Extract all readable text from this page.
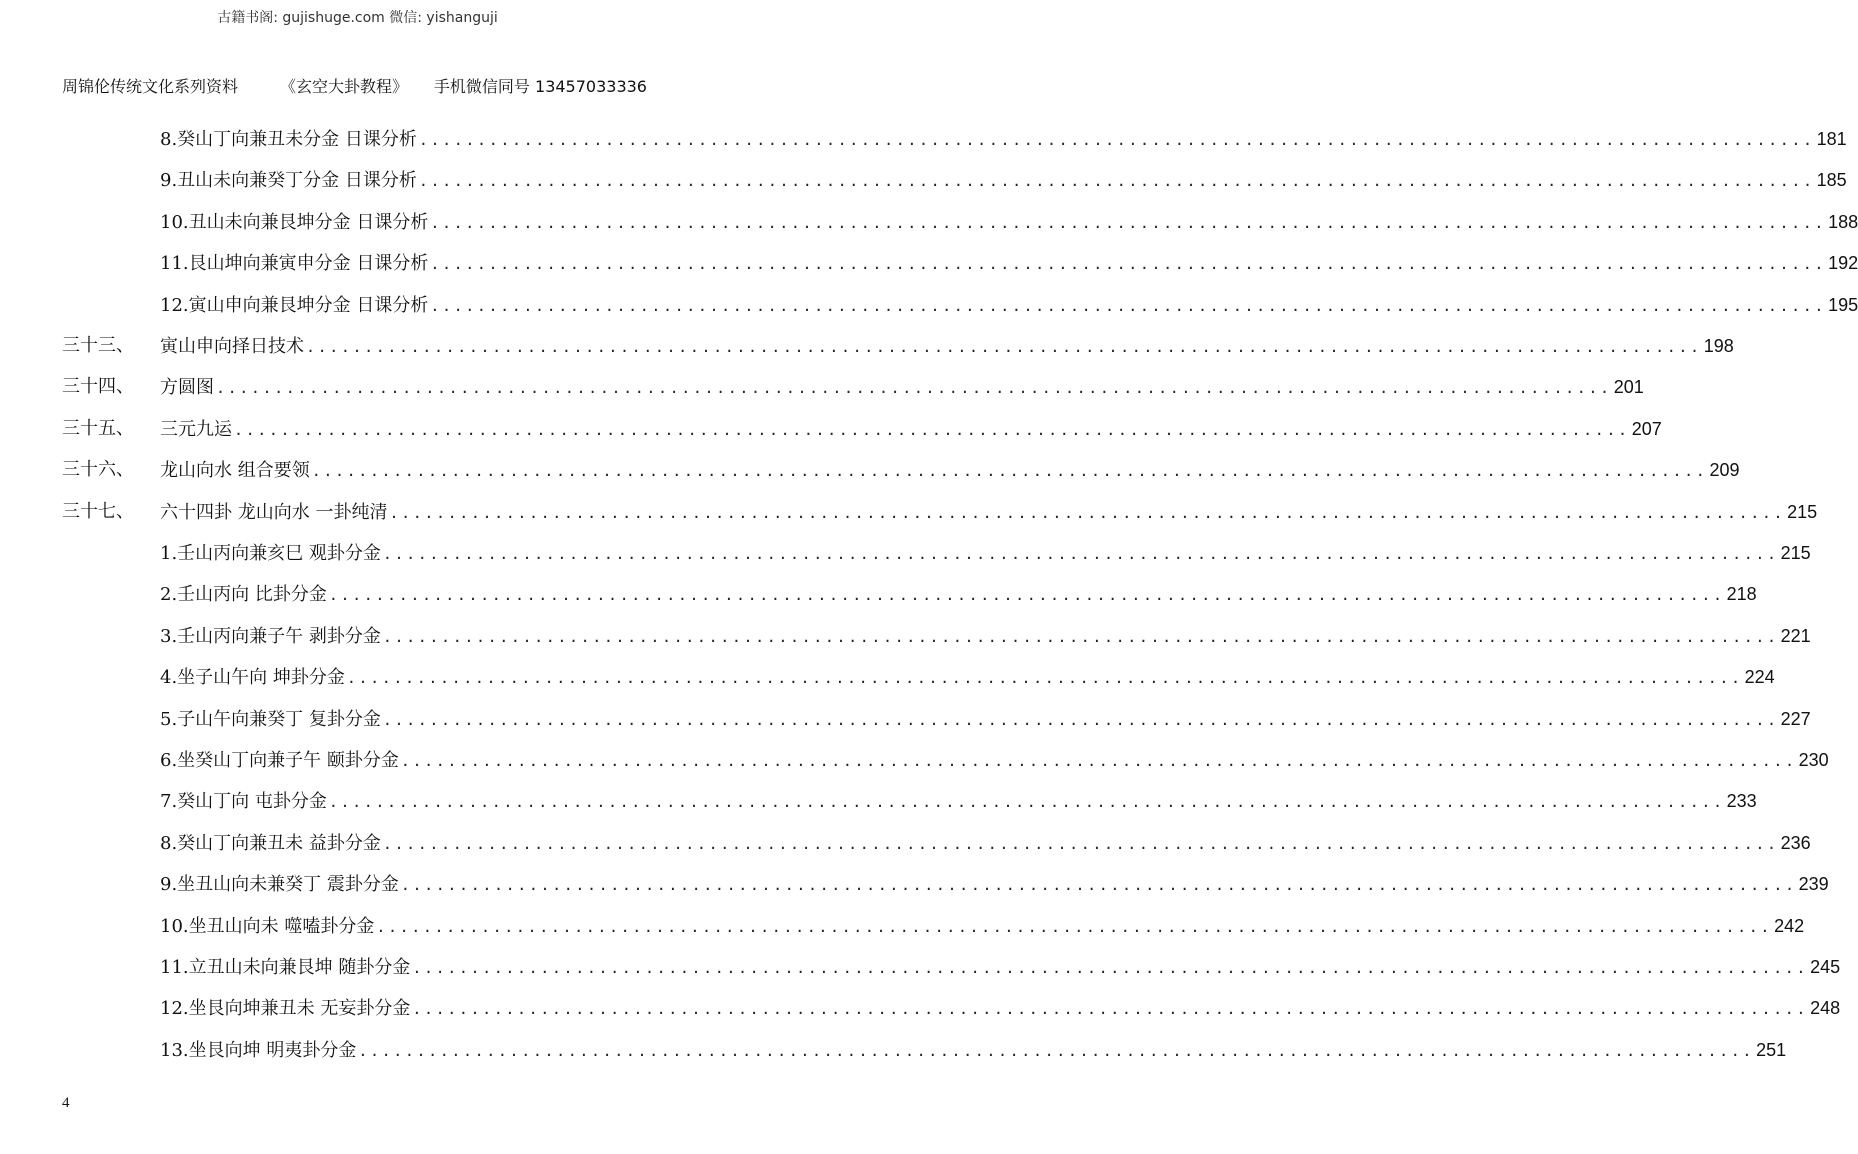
古籍书阁: gujishuge.com 微信: yishanguji
周锦伦传统文化系列资料	《玄空大卦教程》 手机微信同号 13457033336
8.癸山丁向兼丑未分金 日课分析 ........................................................................................................................ 181
9.丑山未向兼癸丁分金 日课分析 ........................................................................................................................ 185
10.丑山未向兼艮坤分金 日课分析 ........................................................................................................................ 188
11.艮山坤向兼寅申分金 日课分析 ........................................................................................................................ 192
12.寅山申向兼艮坤分金 日课分析 ........................................................................................................................ 195
三十三、 寅山申向择日技术 ........................................................................................................................ 198
三十四、 方圆图 ........................................................................................................................ 201
三十五、 三元九运 ........................................................................................................................ 207
三十六、 龙山向水 组合要领 ........................................................................................................................ 209
三十七、 六十四卦 龙山向水 一卦纯清 ........................................................................................................................ 215
1.壬山丙向兼亥巳 观卦分金 ........................................................................................................................ 215
2.壬山丙向 比卦分金 ........................................................................................................................ 218
3.壬山丙向兼子午 剥卦分金 ........................................................................................................................ 221
4.坐子山午向 坤卦分金 ........................................................................................................................ 224
5.子山午向兼癸丁 复卦分金 ........................................................................................................................ 227
6.坐癸山丁向兼子午 颐卦分金 ........................................................................................................................ 230
7.癸山丁向 屯卦分金 ........................................................................................................................ 233
8.癸山丁向兼丑未 益卦分金 ........................................................................................................................ 236
9.坐丑山向未兼癸丁 震卦分金 ........................................................................................................................ 239
10.坐丑山向未 噬嗑卦分金 ........................................................................................................................ 242
11.立丑山未向兼艮坤 随卦分金 ........................................................................................................................ 245
12.坐艮向坤兼丑未 无妄卦分金 ........................................................................................................................ 248
13.坐艮向坤 明夷卦分金 ........................................................................................................................ 251
4
